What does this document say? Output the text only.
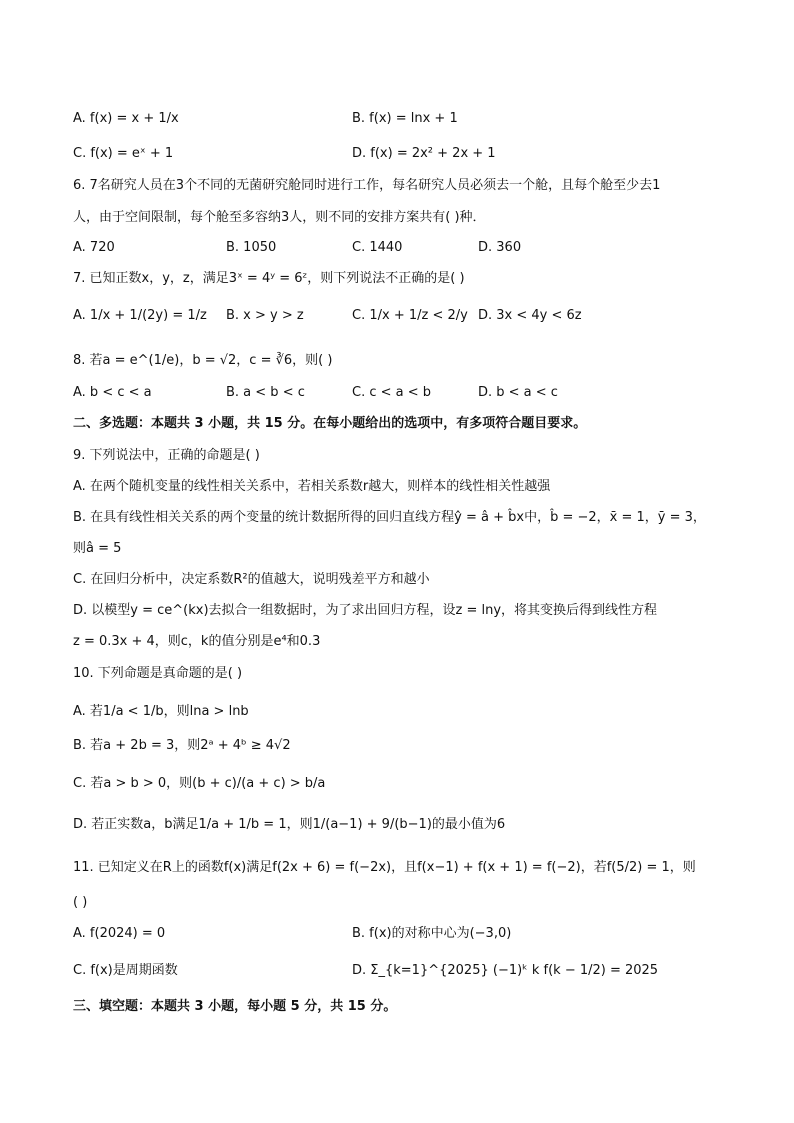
A. f(x) = x + 1/x	B. f(x) = lnx + 1
C. f(x) = eˣ + 1	D. f(x) = 2x² + 2x + 1
6. 7名研究人员在3个不同的无菌研究舱同时进行工作，每名研究人员必须去一个舱，且每个舱至少去1
人，由于空间限制，每个舱至多容纳3人，则不同的安排方案共有( )种．
A. 720	B. 1050	C. 1440	D. 360
7. 已知正数x，y，z，满足3ˣ = 4ʸ = 6ᶻ，则下列说法不正确的是( )
A. 1/x + 1/(2y) = 1/z B. x > y > z	C. 1/x + 1/z < 2/y D. 3x < 4y < 6z
8. 若a = e^(1/e)，b = √2，c = ∛6，则( )
A. b < c < a	B. a < b < c	C. c < a < b	D. b < a < c
二、多选题：本题共 3 小题，共 15 分。在每小题给出的选项中，有多项符合题目要求。
9. 下列说法中，正确的命题是( )
A. 在两个随机变量的线性相关关系中，若相关系数r越大，则样本的线性相关性越强
B. 在具有线性相关关系的两个变量的统计数据所得的回归直线方程ŷ = â + b̂x中，b̂ = −2，x̄ = 1，ȳ = 3，
则â = 5
C. 在回归分析中，决定系数R²的值越大，说明残差平方和越小
D. 以模型y = ce^(kx)去拟合一组数据时，为了求出回归方程，设z = lny，将其变换后得到线性方程
z = 0.3x + 4，则c，k的值分别是e⁴和0.3
10. 下列命题是真命题的是( )
A. 若1/a < 1/b，则lna > lnb
B. 若a + 2b = 3，则2ᵃ + 4ᵇ ≥ 4√2
C. 若a > b > 0，则(b + c)/(a + c) > b/a
D. 若正实数a，b满足1/a + 1/b = 1，则1/(a−1) + 9/(b−1)的最小值为6
11. 已知定义在R上的函数f(x)满足f(2x + 6) = f(−2x)，且f(x−1) + f(x + 1) = f(−2)，若f(5/2) = 1，则
( )
A. f(2024) = 0	B. f(x)的对称中心为(−3,0)
C. f(x)是周期函数	D. Σ_{k=1}^{2025} (−1)ᵏ k f(k − 1/2) = 2025
三、填空题：本题共 3 小题，每小题 5 分，共 15 分。
